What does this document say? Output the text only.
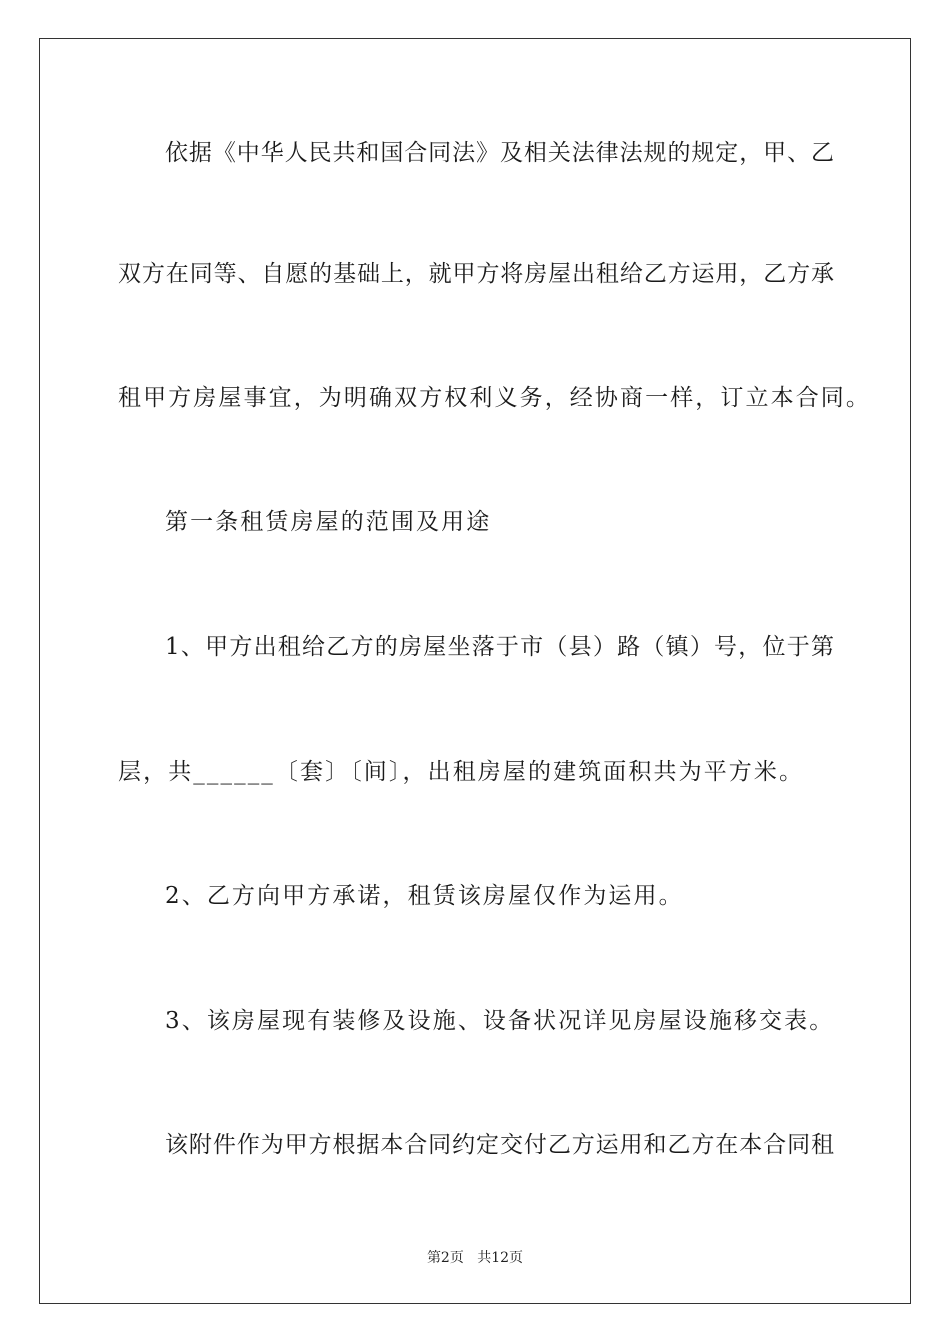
依据《中华人民共和国合同法》及相关法律法规的规定，甲、乙
双方在同等、自愿的基础上，就甲方将房屋出租给乙方运用，乙方承
租甲方房屋事宜，为明确双方权利义务，经协商一样，订立本合同。
第一条租赁房屋的范围及用途
1、甲方出租给乙方的房屋坐落于市（县）路（镇）号，位于第
层，共______〔套〕〔间〕，出租房屋的建筑面积共为平方米。
2、乙方向甲方承诺，租赁该房屋仅作为运用。
3、该房屋现有装修及设施、设备状况详见房屋设施移交表。
该附件作为甲方根据本合同约定交付乙方运用和乙方在本合同租
第2页 共12页
